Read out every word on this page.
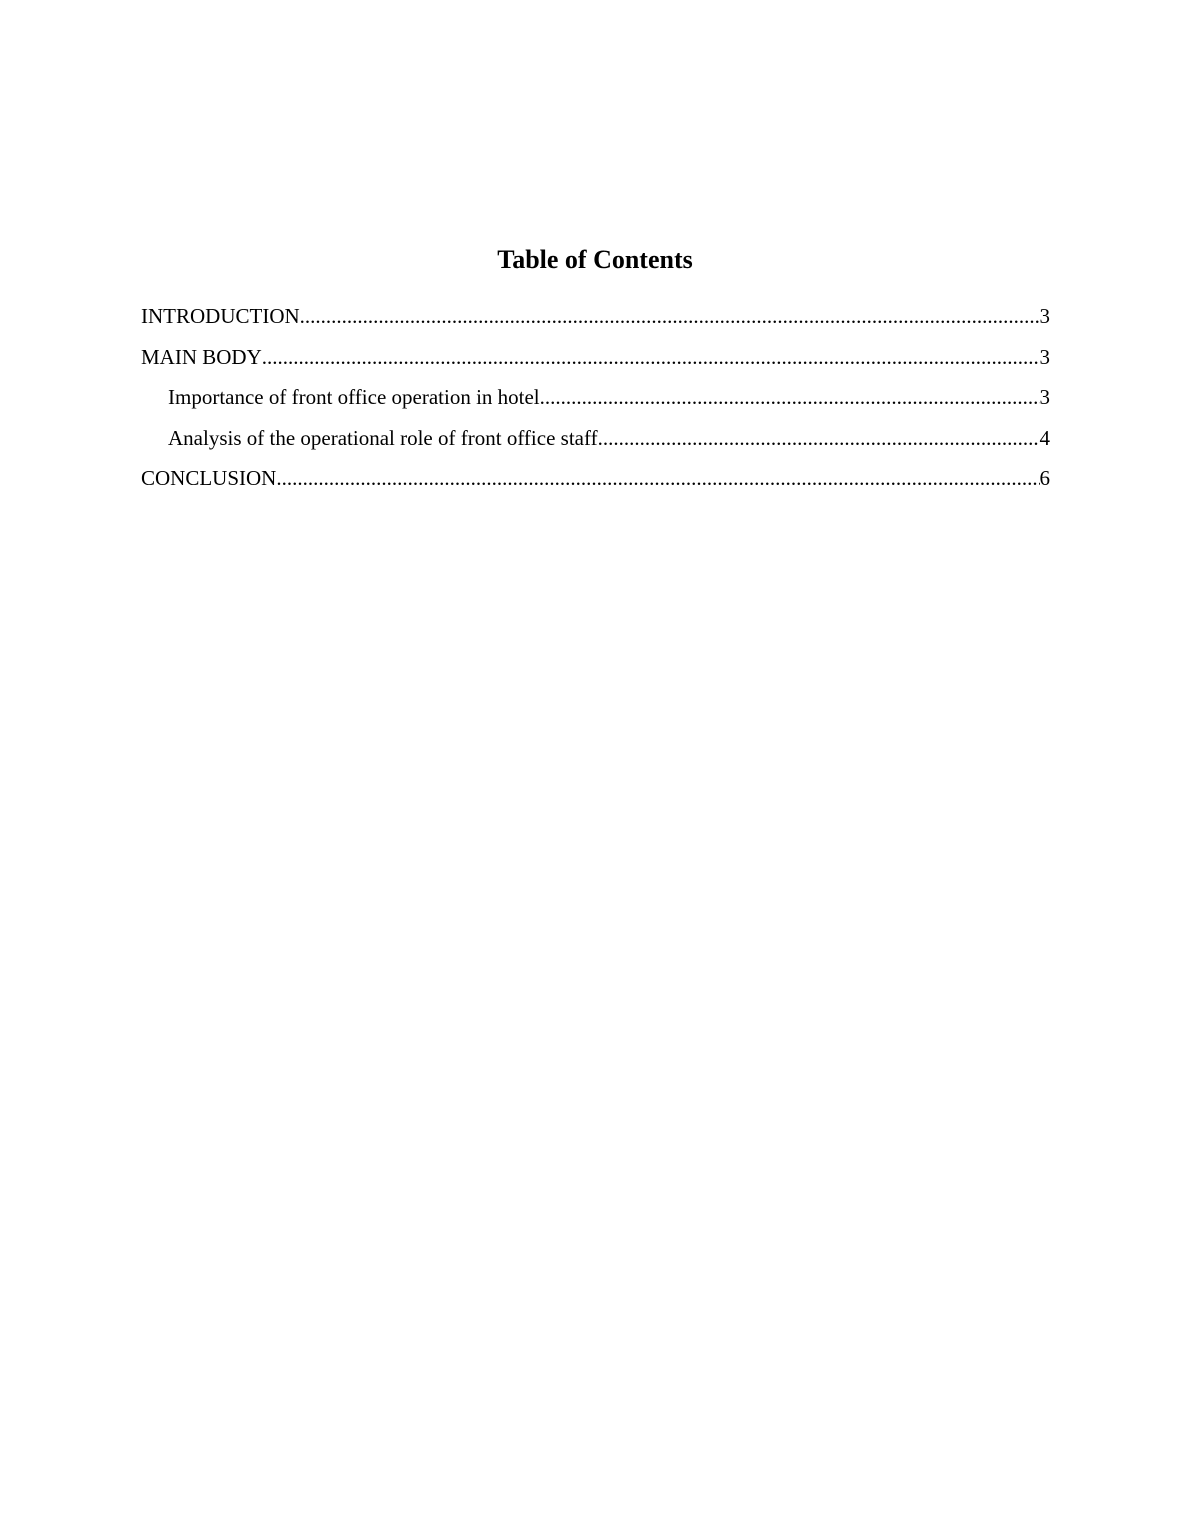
Table of Contents
INTRODUCTION .....	3
MAIN BODY .....	3
Importance of front office operation in hotel .....	3
Analysis of the operational role of front office staff .....	4
CONCLUSION .....	6
